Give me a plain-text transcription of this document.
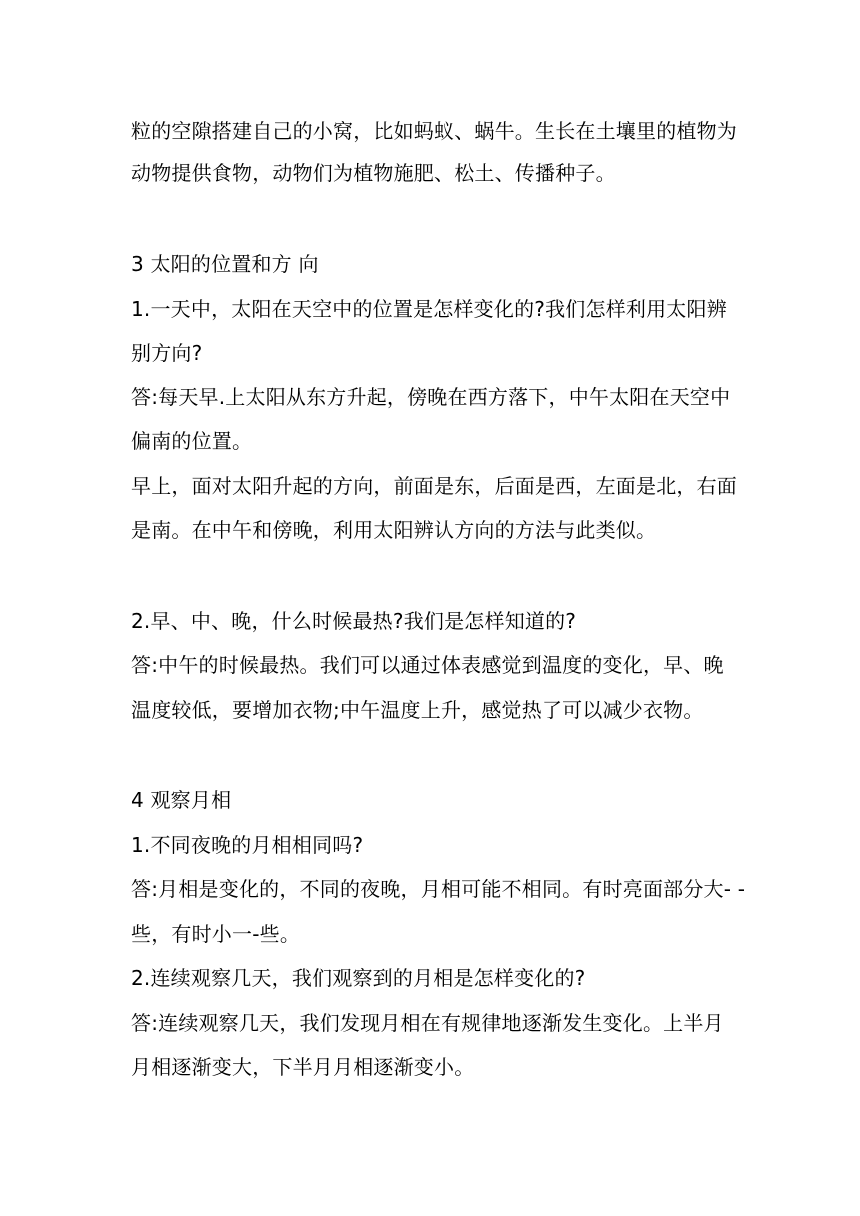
粒的空隙搭建自己的小窝，比如蚂蚁、蜗牛。生长在土壤里的植物为
动物提供食物，动物们为植物施肥、松土、传播种子。
3 太阳的位置和方 向
1.一天中，太阳在天空中的位置是怎样变化的?我们怎样利用太阳辨
别方向?
答:每天早.上太阳从东方升起，傍晚在西方落下，中午太阳在天空中
偏南的位置。
早上，面对太阳升起的方向，前面是东，后面是西，左面是北，右面
是南。在中午和傍晚，利用太阳辨认方向的方法与此类似。
2.早、中、晚，什么时候最热?我们是怎样知道的?
答:中午的时候最热。我们可以通过体表感觉到温度的变化，早、晚
温度较低，要增加衣物;中午温度上升，感觉热了可以减少衣物。
4 观察月相
1.不同夜晚的月相相同吗?
答:月相是变化的，不同的夜晚，月相可能不相同。有时亮面部分大- -
些，有时小一-些。
2.连续观察几天，我们观察到的月相是怎样变化的?
答:连续观察几天，我们发现月相在有规律地逐渐发生变化。上半月
月相逐渐变大，下半月月相逐渐变小。
